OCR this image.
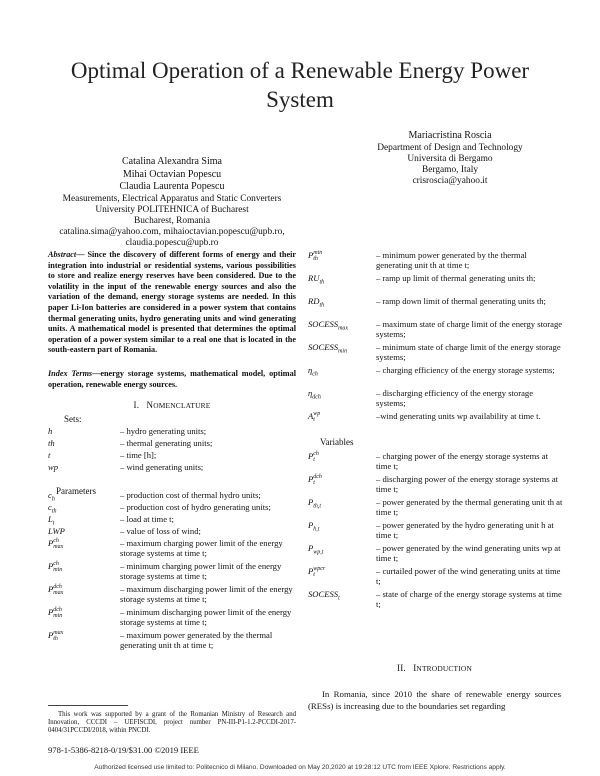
Optimal Operation of a Renewable Energy Power System
Catalina Alexandra Sima
Mihai Octavian Popescu
Claudia Laurenta Popescu
Measurements, Electrical Apparatus and Static Converters
University POLITEHNICA of Bucharest
Bucharest, Romania
catalina.sima@yahoo.com, mihaioctavian.popescu@upb.ro,
claudia.popescu@upb.ro
Mariacristina Roscia
Department of Design and Technology
Universita di Bergamo
Bergamo, Italy
crisroscia@yahoo.it
Abstract— Since the discovery of different forms of energy and their integration into industrial or residential systems, various possibilities to store and realize energy reserves have been considered. Due to the volatility in the input of the renewable energy sources and also the variation of the demand, energy storage systems are needed. In this paper Li-Ion batteries are considered in a power system that contains thermal generating units, hydro generating units and wind generating units. A mathematical model is presented that determines the optimal operation of a power system similar to a real one that is located in the south-eastern part of Romania.
Index Terms—energy storage systems, mathematical model, optimal operation, renewable energy sources.
I. NOMENCLATURE
Sets:
Parameters
Variables
h	– hydro generating units;
th	– thermal generating units;
t	– time [h];
wp	– wind generating units;
$c_h$	– production cost of thermal hydro units;
$c_{th}$	– production cost of hydro generating units;
$L_t$	– load at time t;
LWP	– value of loss of wind;
P ch
max	– maximum charging power limit of the energy storage systems at time t;
P ch
min	– minimum charging power limit of the energy storage systems at time t;
P dch
max	– maximum discharging power limit of the energy storage systems at time t;
P dch
min	– minimum discharging power limit of the energy storage systems at time t;
P max
th	– maximum power generated by the thermal generating unit th at time t;
P min
th	– minimum power generated by the thermal generating unit th at time t;
$RU_{th}$	– ramp up limit of thermal generating units th;
$RD_{th}$	– ramp down limit of thermal generating units th;
$SOCESS_{max}$	– maximum state of charge limit of the energy storage systems;
$SOCESS_{min}$	– minimum state of charge limit of the energy storage systems;
$\eta_{ch}$	– charging efficiency of the energy storage systems;
$\eta_{dch}$	– discharging efficiency of the energy storage systems;
A wp
t	–wind generating units wp availability at time t.
P ch
t	– charging power of the energy storage systems at time t;
P dch
t	– discharging power of the energy storage systems at time t;
$P_{th,t}$	– power generated by the thermal generating unit th at time t;
$P_{h,t}$	– power generated by the hydro generating unit h at time t;
$P_{wp,t}$	– power generated by the wind generating units wp at time t;
P wpcr
t	– curtailed power of the wind generating units at time t;
$SOCESS_t$	– state of charge of the energy storage systems at time t;
This work was supported by a grant of the Romanian Ministry of Research and Innovation, CCCDI – UEFISCDI, project number PN-III-P1-1.2-PCCDI-2017-0404/31PCCDI/2018, within PNCDI.
II. INTRODUCTION
In Romania, since 2010 the share of renewable energy sources (RESs) is increasing due to the boundaries set regarding
978-1-5386-8218-0/19/$31.00 ©2019 IEEE
Authorized licensed use limited to: Politecnico di Milano. Downloaded on May 20,2020 at 19:28:12 UTC from IEEE Xplore. Restrictions apply.
